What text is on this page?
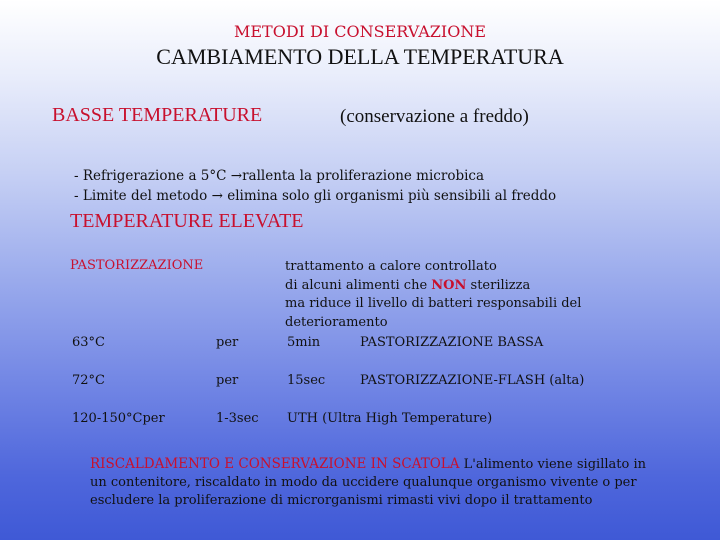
METODI DI CONSERVAZIONE
CAMBIAMENTO DELLA TEMPERATURA
BASSE TEMPERATURE	(conservazione a freddo)
- Refrigerazione a 5°C →rallenta la proliferazione microbica
- Limite del metodo → elimina solo gli organismi più sensibili al freddo
TEMPERATURE ELEVATE
PASTORIZZAZIONE	trattamento a calore controllato
di alcuni alimenti che NON sterilizza
ma riduce il livello di batteri responsabili del
deterioramento
63°C	per	5min	PASTORIZZAZIONE BASSA
72°C	per	15sec	PASTORIZZAZIONE-FLASH (alta)
120-150°Cper	1-3sec UTH (Ultra High Temperature)
RISCALDAMENTO E CONSERVAZIONE IN SCATOLA L'alimento viene sigillato in un contenitore, riscaldato in modo da uccidere qualunque organismo vivente o per escludere la proliferazione di microrganismi rimasti vivi dopo il trattamento
